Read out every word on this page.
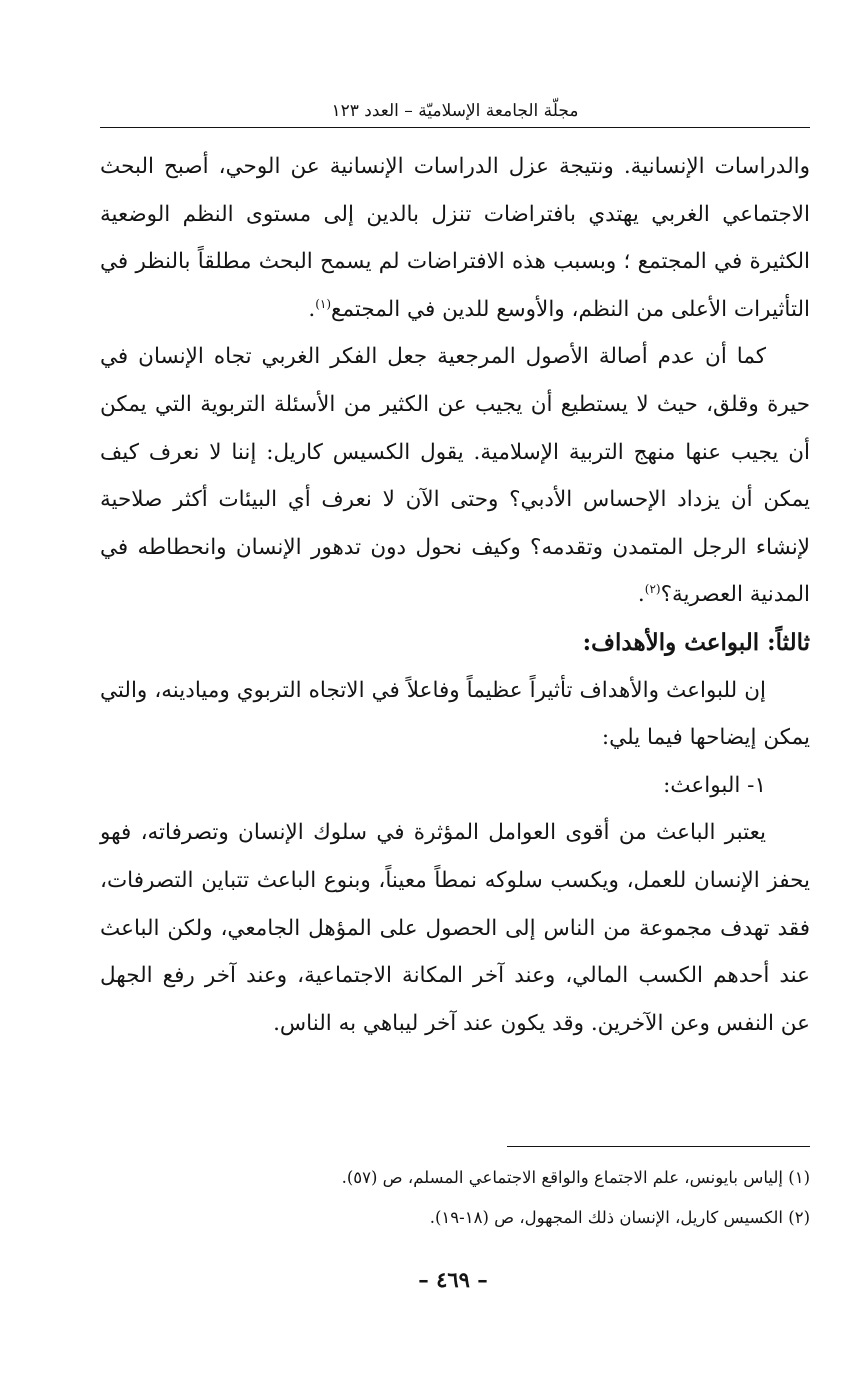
مجلّة الجامعة الإسلاميّة – العدد ١٢٣

والدراسات الإنسانية. ونتيجة عزل الدراسات الإنسانية عن الوحي، أصبح البحث الاجتماعي الغربي يهتدي بافتراضات تنزل بالدين إلى مستوى النظم الوضعية الكثيرة في المجتمع ؛ وبسبب هذه الافتراضات لم يسمح البحث مطلقاً بالنظر في التأثيرات الأعلى من النظم، والأوسع للدين في المجتمع$^{(١)}$.

كما أن عدم أصالة الأصول المرجعية جعل الفكر الغربي تجاه الإنسان في حيرة وقلق، حيث لا يستطيع أن يجيب عن الكثير من الأسئلة التربوية التي يمكن أن يجيب عنها منهج التربية الإسلامية. يقول الكسيس كاريل: إننا لا نعرف كيف يمكن أن يزداد الإحساس الأدبي؟ وحتى الآن لا نعرف أي البيئات أكثر صلاحية لإنشاء الرجل المتمدن وتقدمه؟ وكيف نحول دون تدهور الإنسان وانحطاطه في المدنية العصرية؟$^{(٢)}$.

ثالثاً: البواعث والأهداف:

إن للبواعث والأهداف تأثيراً عظيماً وفاعلاً في الاتجاه التربوي وميادينه، والتي يمكن إيضاحها فيما يلي:

١- البواعث:

يعتبر الباعث من أقوى العوامل المؤثرة في سلوك الإنسان وتصرفاته، فهو يحفز الإنسان للعمل، ويكسب سلوكه نمطاً معيناً، وبنوع الباعث تتباين التصرفات، فقد تهدف مجموعة من الناس إلى الحصول على المؤهل الجامعي، ولكن الباعث عند أحدهم الكسب المالي، وعند آخر المكانة الاجتماعية، وعند آخر رفع الجهل عن النفس وعن الآخرين. وقد يكون عند آخر ليباهي به الناس.

(١) إلياس بايونس، علم الاجتماع والواقع الاجتماعي المسلم، ص (٥٧).

(٢) الكسيس كاريل، الإنسان ذلك المجهول، ص (١٨-١٩).

– ٤٦٩ –
